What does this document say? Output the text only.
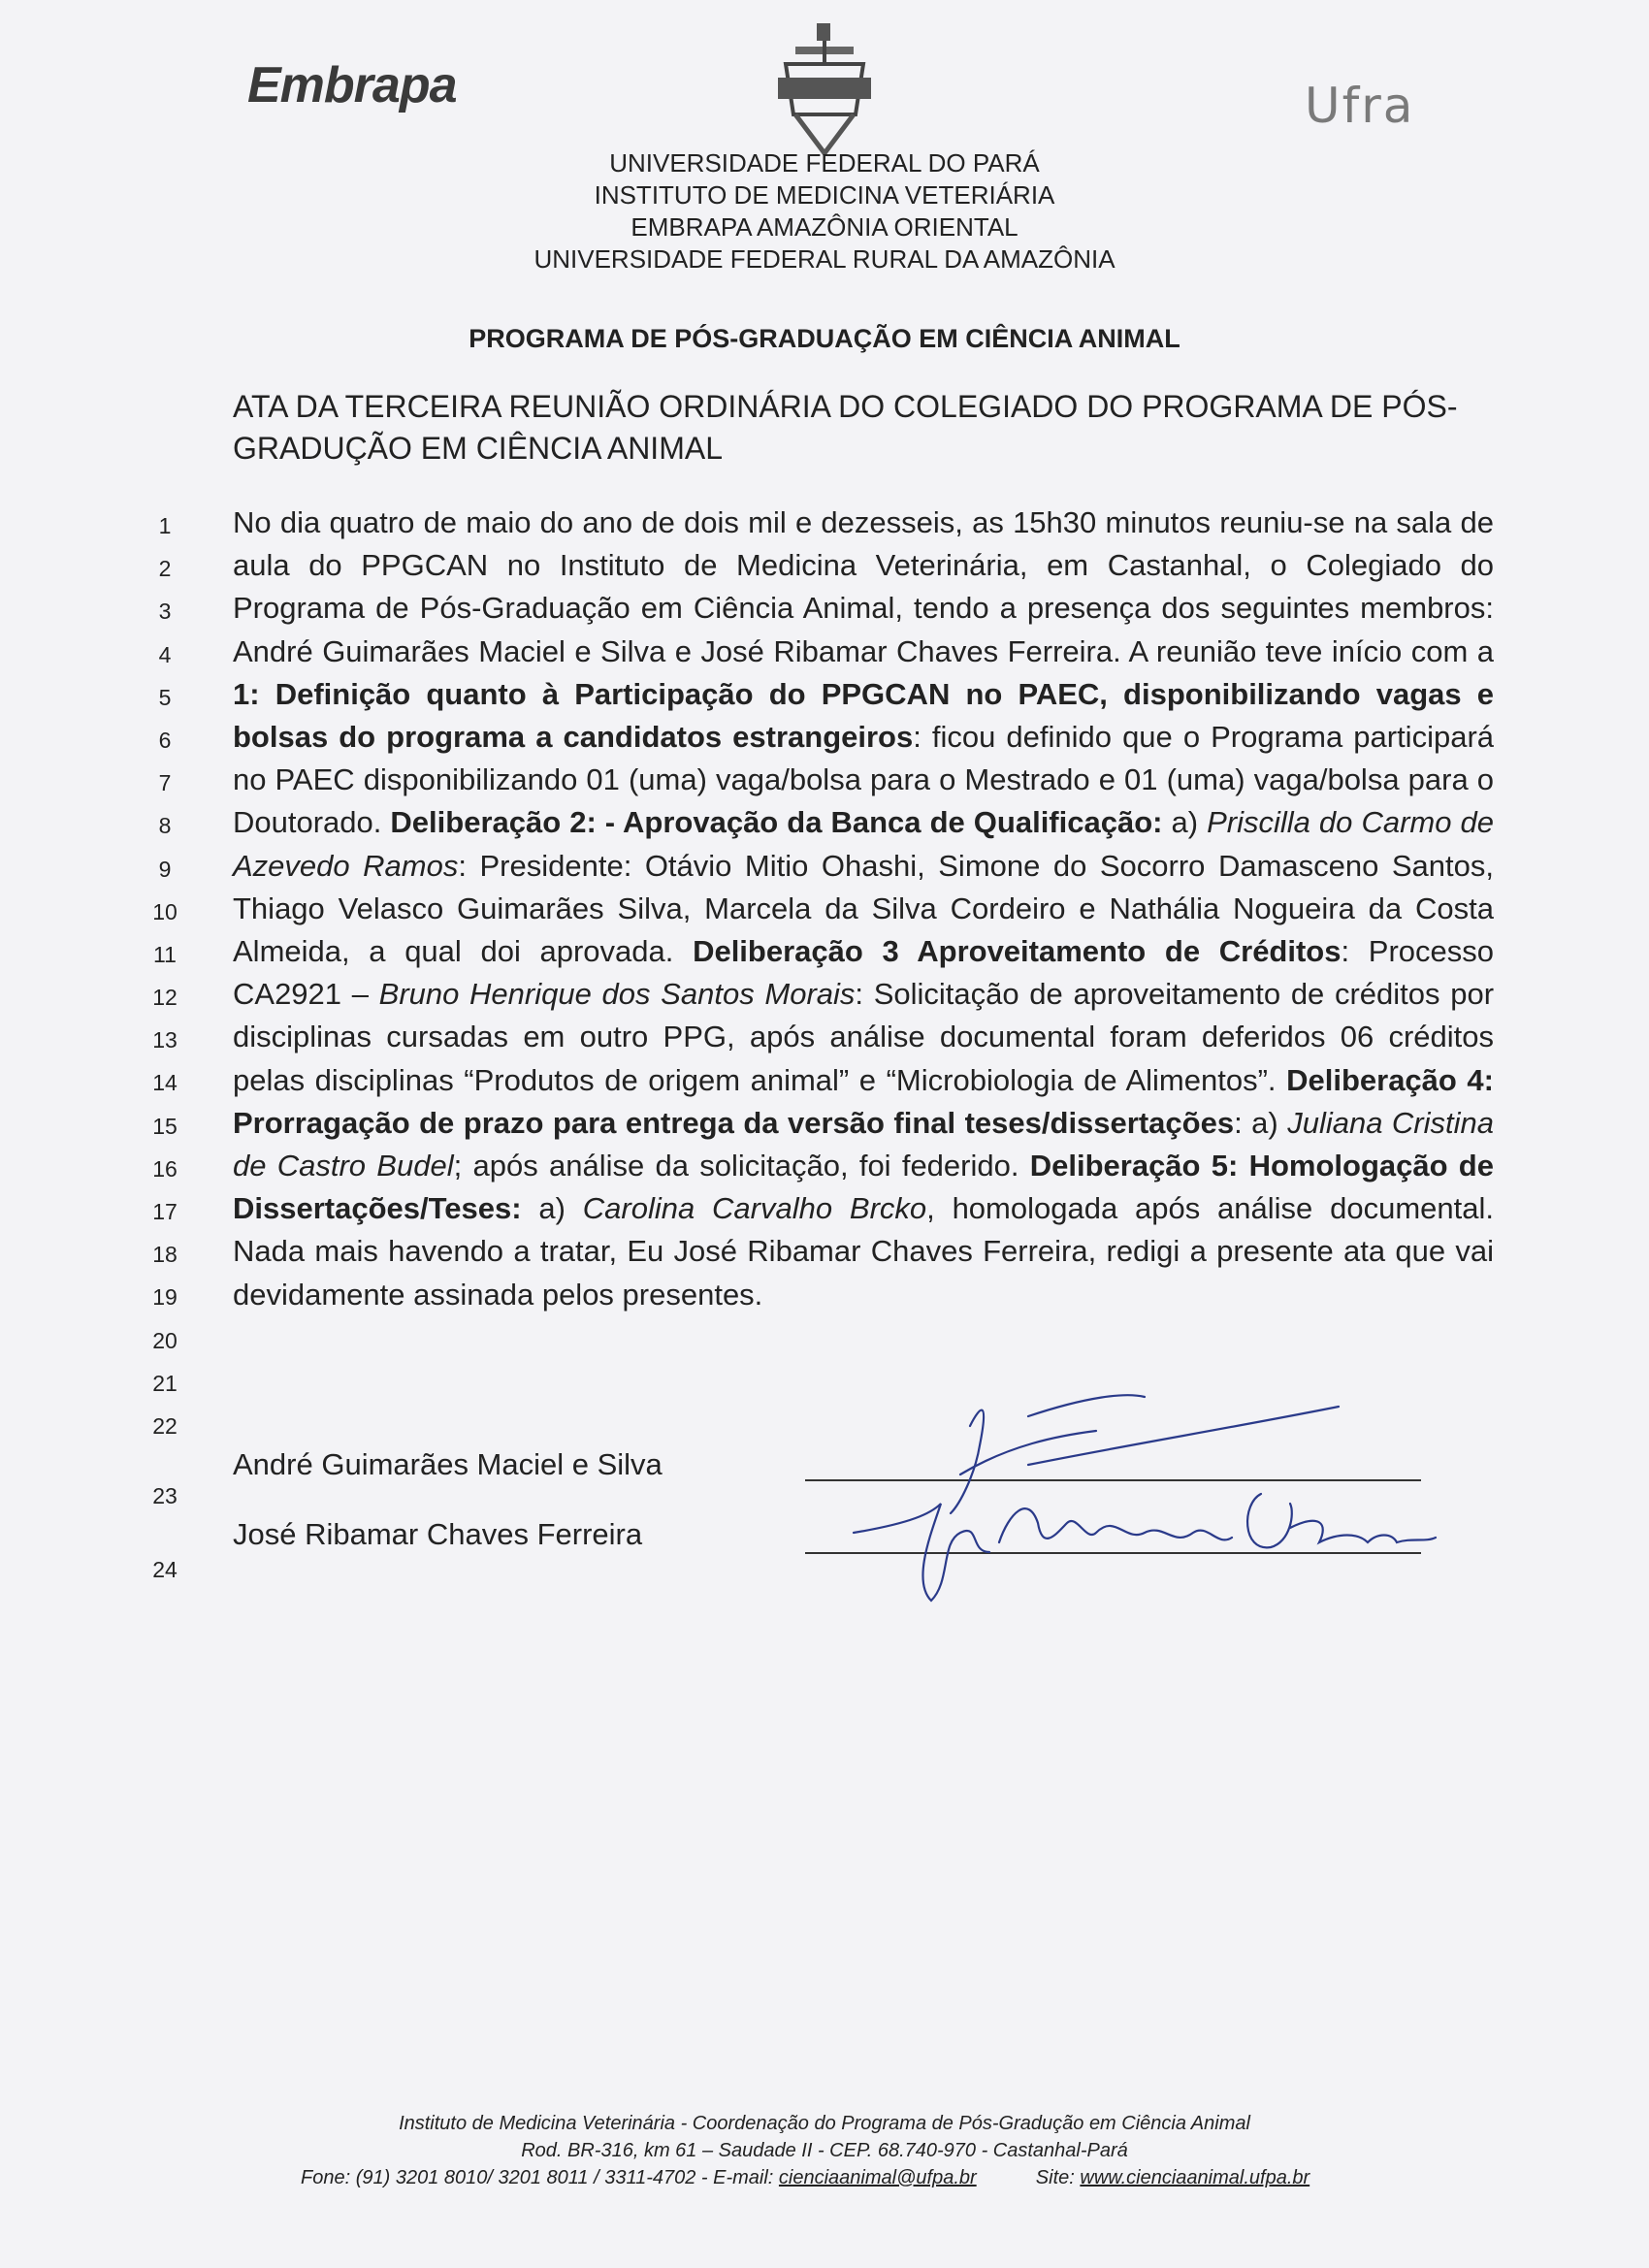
Embrapa	Ufra
UNIVERSIDADE FEDERAL DO PARÁ
INSTITUTO DE MEDICINA VETERIÁRIA
EMBRAPA AMAZÔNIA ORIENTAL
UNIVERSIDADE FEDERAL RURAL DA AMAZÔNIA
PROGRAMA DE PÓS-GRADUAÇÃO EM CIÊNCIA ANIMAL
ATA DA TERCEIRA REUNIÃO ORDINÁRIA DO COLEGIADO DO PROGRAMA DE PÓS-GRADUÇÃO EM CIÊNCIA ANIMAL
1
2
3
4
5
6
7
8
9
10
11
12
13
14
15
16
17
18
19
20
21
22
23
24

No dia quatro de maio do ano de dois mil e dezesseis, as 15h30 minutos reuniu-se na sala de aula do PPGCAN no Instituto de Medicina Veterinária, em Castanhal, o Colegiado do Programa de Pós-Graduação em Ciência Animal, tendo a presença dos seguintes membros: André Guimarães Maciel e Silva e José Ribamar Chaves Ferreira. A reunião teve início com a 1: Definição quanto à Participação do PPGCAN no PAEC, disponibilizando vagas e bolsas do programa a candidatos estrangeiros: ficou definido que o Programa participará no PAEC disponibilizando 01 (uma) vaga/bolsa para o Mestrado e 01 (uma) vaga/bolsa para o Doutorado. Deliberação 2: - Aprovação da Banca de Qualificação: a) Priscilla do Carmo de Azevedo Ramos: Presidente: Otávio Mitio Ohashi, Simone do Socorro Damasceno Santos, Thiago Velasco Guimarães Silva, Marcela da Silva Cordeiro e Nathália Nogueira da Costa Almeida, a qual doi aprovada. Deliberação 3 Aproveitamento de Créditos: Processo CA2921 – Bruno Henrique dos Santos Morais: Solicitação de aproveitamento de créditos por disciplinas cursadas em outro PPG, após análise documental foram deferidos 06 créditos pelas disciplinas “Produtos de origem animal” e “Microbiologia de Alimentos”. Deliberação 4: Prorragação de prazo para entrega da versão final teses/dissertações: a) Juliana Cristina de Castro Budel; após análise da solicitação, foi federido. Deliberação 5: Homologação de Dissertações/Teses: a) Carolina Carvalho Brcko, homologada após análise documental. Nada mais havendo a tratar, Eu José Ribamar Chaves Ferreira, redigi a presente ata que vai devidamente assinada pelos presentes.

André Guimarães Maciel e Silva
José Ribamar Chaves Ferreira
Instituto de Medicina Veterinária - Coordenação do Programa de Pós-Gradução em Ciência Animal
Rod. BR-316, km 61 – Saudade II - CEP. 68.740-970 - Castanhal-Pará
Fone: (91) 3201 8010/ 3201 8011 / 3311-4702 - E-mail: cienciaanimal@ufpa.br	Site: www.cienciaanimal.ufpa.br
